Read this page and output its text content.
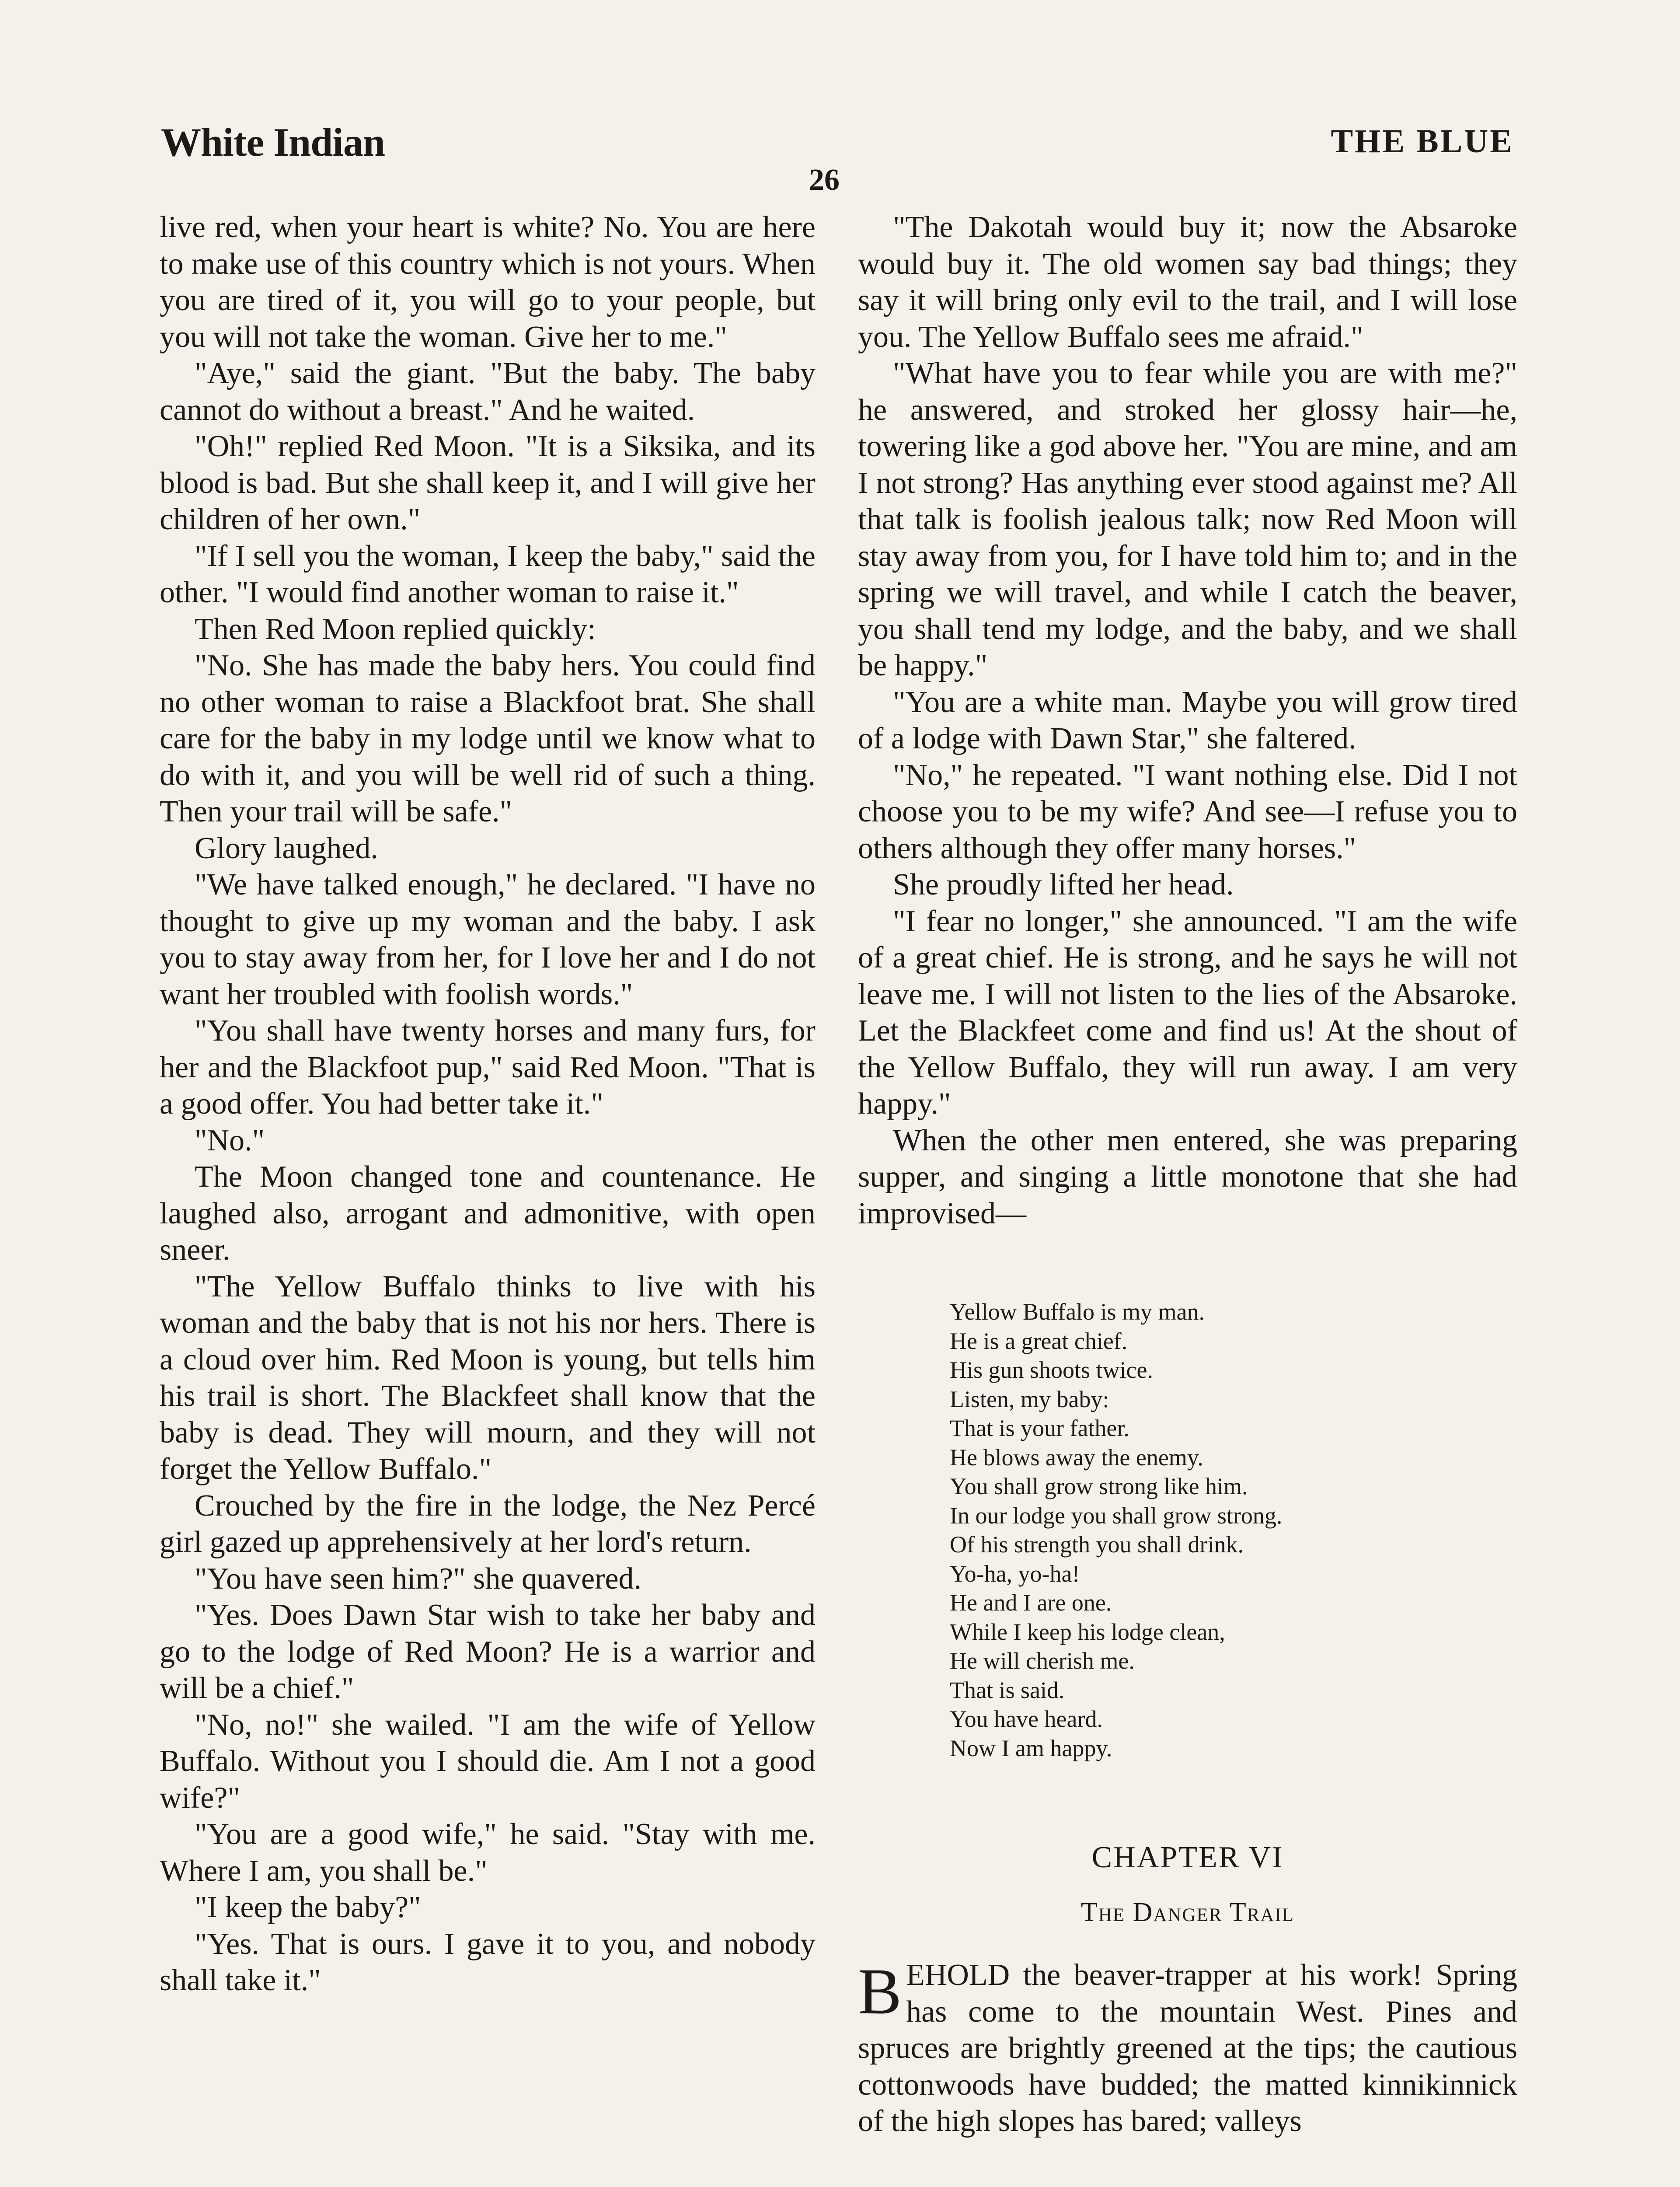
White Indian	THE BLUE
26

live red, when your heart is white? No. You are here to make use of this country which is not yours. When you are tired of it, you will go to your people, but you will not take the woman. Give her to me."

"Aye," said the giant. "But the baby. The baby cannot do without a breast." And he waited.

"Oh!" replied Red Moon. "It is a Siksika, and its blood is bad. But she shall keep it, and I will give her children of her own."

"If I sell you the woman, I keep the baby," said the other. "I would find another woman to raise it."

Then Red Moon replied quickly:

"No. She has made the baby hers. You could find no other woman to raise a Blackfoot brat. She shall care for the baby in my lodge until we know what to do with it, and you will be well rid of such a thing. Then your trail will be safe."

Glory laughed.

"We have talked enough," he declared. "I have no thought to give up my woman and the baby. I ask you to stay away from her, for I love her and I do not want her troubled with foolish words."

"You shall have twenty horses and many furs, for her and the Blackfoot pup," said Red Moon. "That is a good offer. You had better take it."

"No."

The Moon changed tone and countenance. He laughed also, arrogant and admonitive, with open sneer.

"The Yellow Buffalo thinks to live with his woman and the baby that is not his nor hers. There is a cloud over him. Red Moon is young, but tells him his trail is short. The Blackfeet shall know that the baby is dead. They will mourn, and they will not forget the Yellow Buffalo."

Crouched by the fire in the lodge, the Nez Percé girl gazed up apprehensively at her lord's return.

"You have seen him?" she quavered.

"Yes. Does Dawn Star wish to take her baby and go to the lodge of Red Moon? He is a warrior and will be a chief."

"No, no!" she wailed. "I am the wife of Yellow Buffalo. Without you I should die. Am I not a good wife?"

"You are a good wife," he said. "Stay with me. Where I am, you shall be."

"I keep the baby?"

"Yes. That is ours. I gave it to you, and nobody shall take it."

"The Dakotah would buy it; now the Absaroke would buy it. The old women say bad things; they say it will bring only evil to the trail, and I will lose you. The Yellow Buffalo sees me afraid."

"What have you to fear while you are with me?" he answered, and stroked her glossy hair—he, towering like a god above her. "You are mine, and am I not strong? Has anything ever stood against me? All that talk is foolish jealous talk; now Red Moon will stay away from you, for I have told him to; and in the spring we will travel, and while I catch the beaver, you shall tend my lodge, and the baby, and we shall be happy."

"You are a white man. Maybe you will grow tired of a lodge with Dawn Star," she faltered.

"No," he repeated. "I want nothing else. Did I not choose you to be my wife? And see—I refuse you to others although they offer many horses."

She proudly lifted her head.

"I fear no longer," she announced. "I am the wife of a great chief. He is strong, and he says he will not leave me. I will not listen to the lies of the Absaroke. Let the Blackfeet come and find us! At the shout of the Yellow Buffalo, they will run away. I am very happy."

When the other men entered, she was preparing supper, and singing a little monotone that she had improvised—

Yellow Buffalo is my man.
He is a great chief.
His gun shoots twice.
Listen, my baby:
That is your father.
He blows away the enemy.
You shall grow strong like him.
In our lodge you shall grow strong.
Of his strength you shall drink.
Yo-ha, yo-ha!
He and I are one.
While I keep his lodge clean,
He will cherish me.
That is said.
You have heard.
Now I am happy.
CHAPTER VI
The Danger Trail

BEHOLD the beaver-trapper at his work! Spring has come to the mountain West. Pines and spruces are brightly greened at the tips; the cautious cottonwoods have budded; the matted kinnikinnick of the high slopes has bared; valleys
